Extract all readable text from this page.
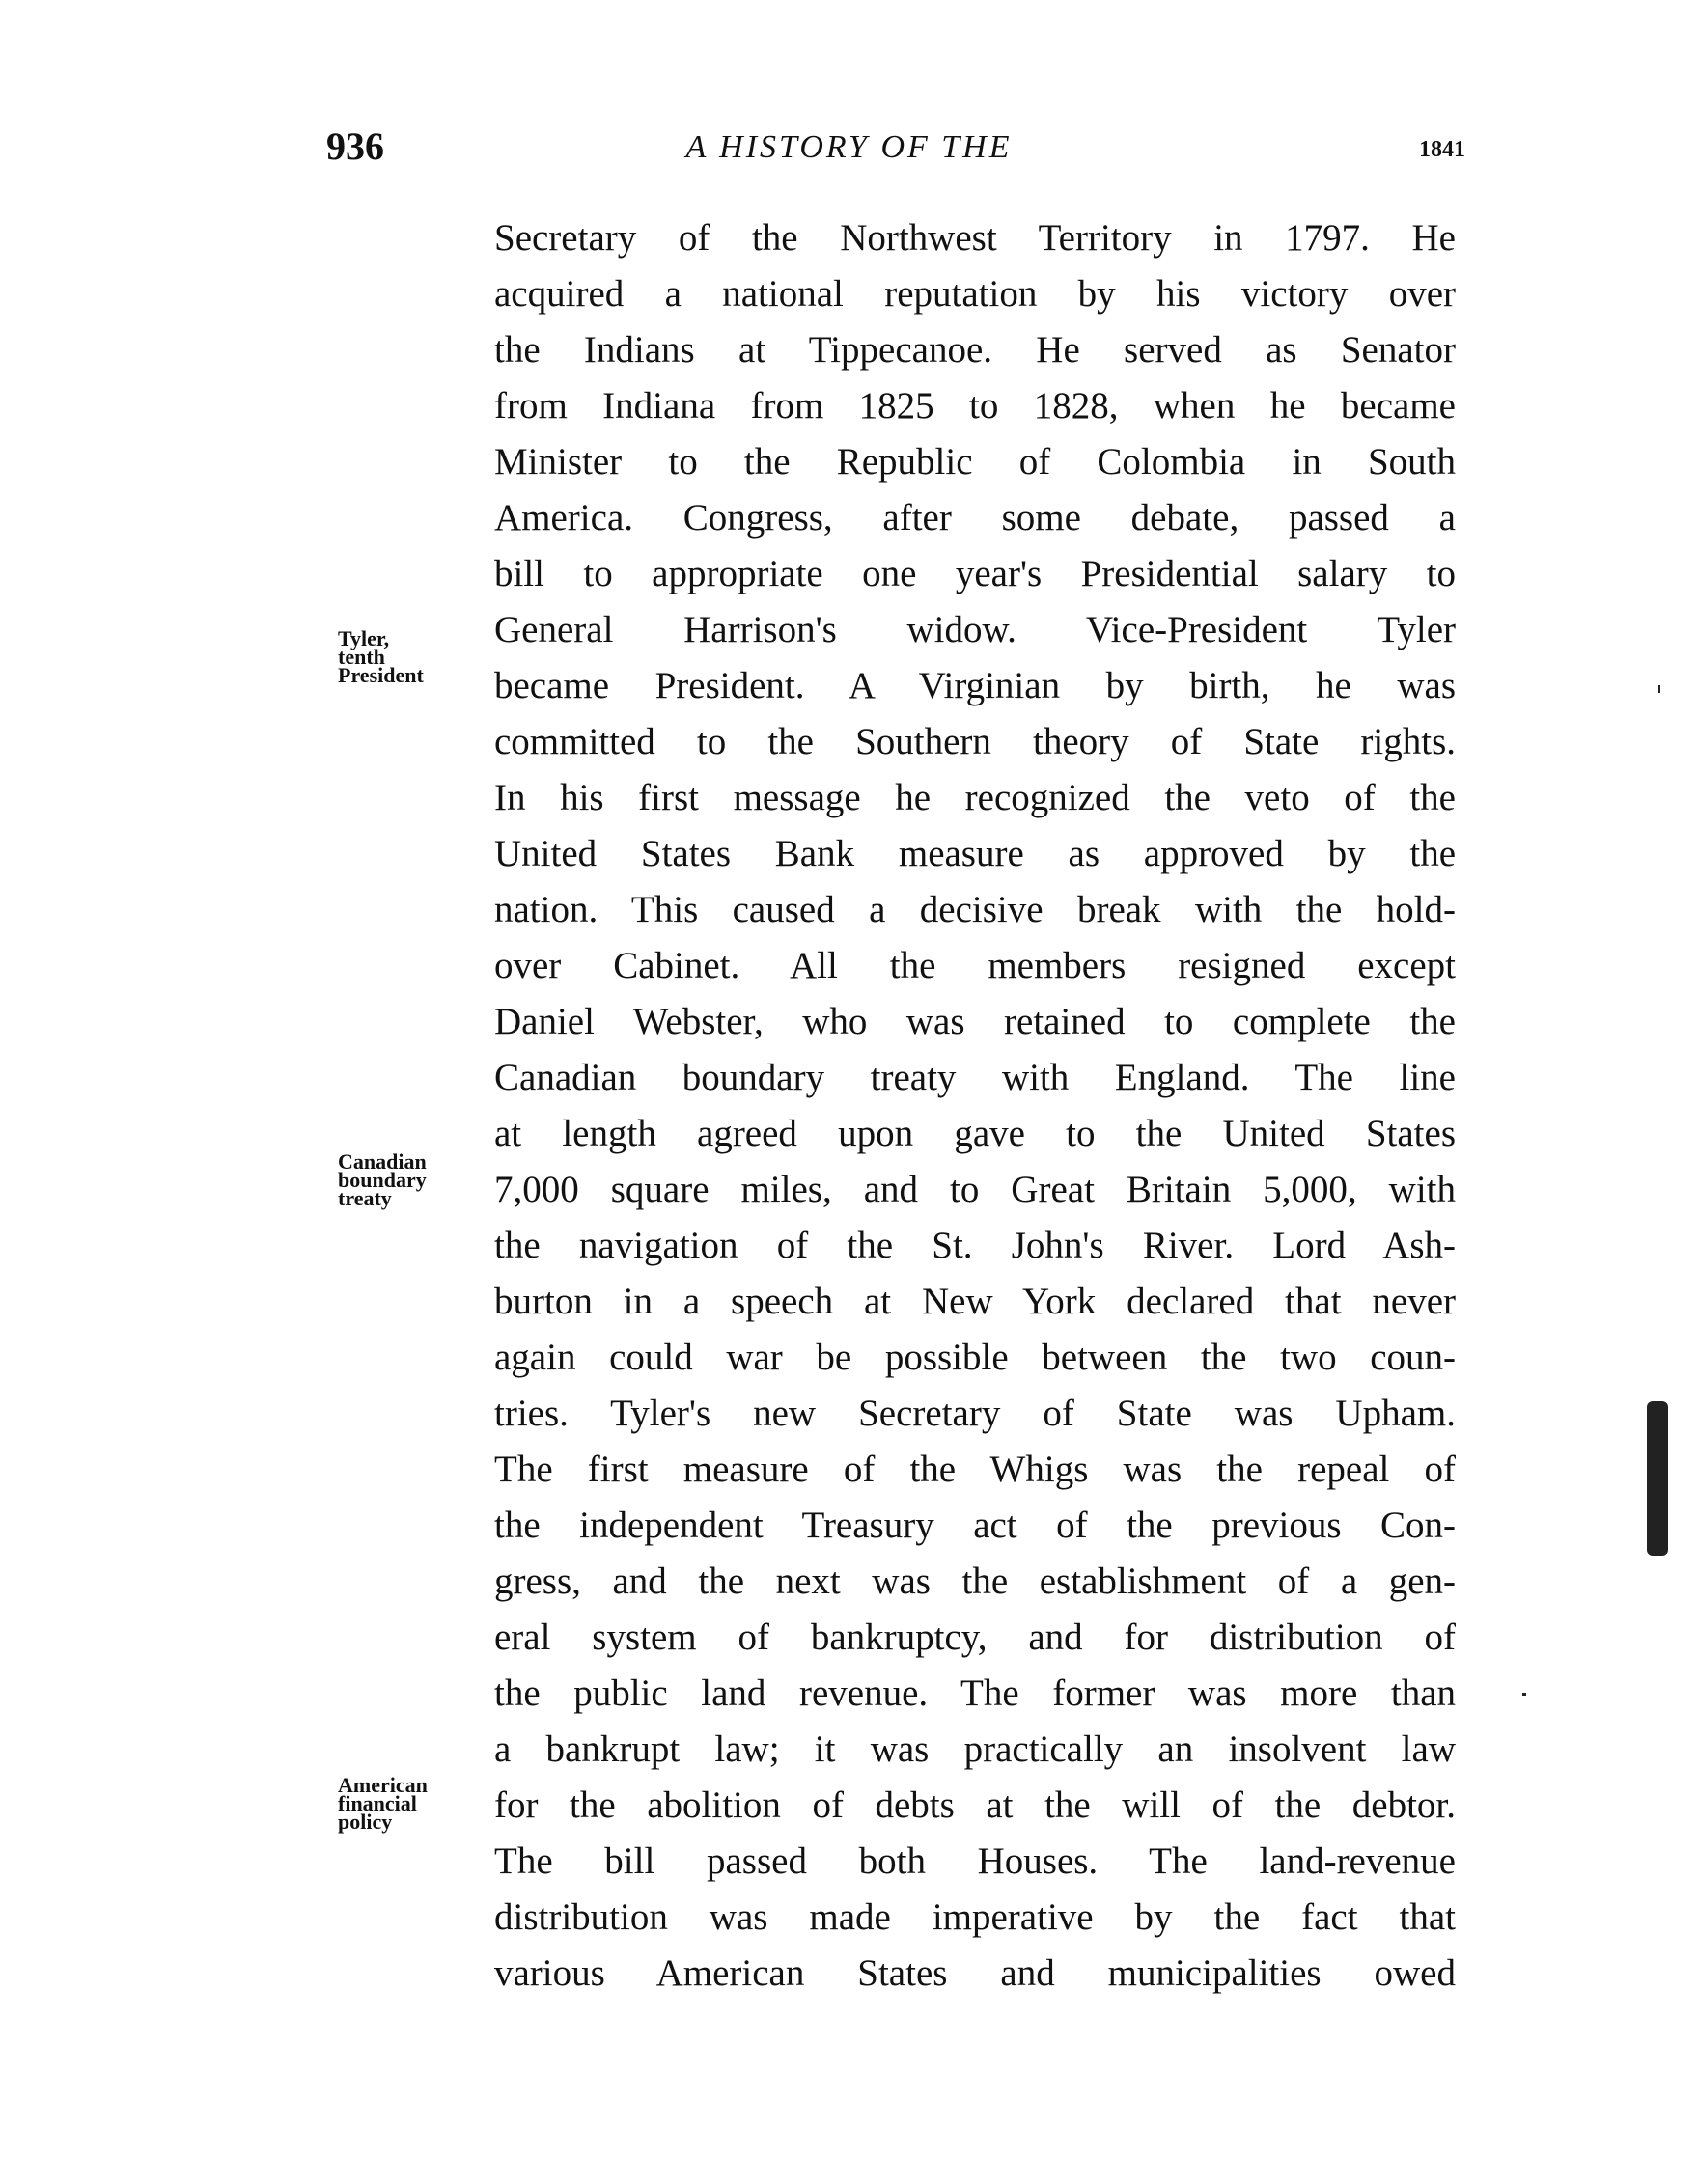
936	A HISTORY OF THE	1841
Secretary of the Northwest Territory in 1797. He
acquired a national reputation by his victory over
the Indians at Tippecanoe. He served as Senator
from Indiana from 1825 to 1828, when he became
Minister to the Republic of Colombia in South
America. Congress, after some debate, passed a
bill to appropriate one year's Presidential salary to
General Harrison's widow. Vice-President Tyler
became President. A Virginian by birth, he was
committed to the Southern theory of State rights.
In his first message he recognized the veto of the
United States Bank measure as approved by the
nation. This caused a decisive break with the hold-
over Cabinet. All the members resigned except
Daniel Webster, who was retained to complete the
Canadian boundary treaty with England. The line
at length agreed upon gave to the United States
7,000 square miles, and to Great Britain 5,000, with
the navigation of the St. John's River. Lord Ash-
burton in a speech at New York declared that never
again could war be possible between the two coun-
tries. Tyler's new Secretary of State was Upham.
The first measure of the Whigs was the repeal of
the independent Treasury act of the previous Con-
gress, and the next was the establishment of a gen-
eral system of bankruptcy, and for distribution of
the public land revenue. The former was more than
a bankrupt law; it was practically an insolvent law
for the abolition of debts at the will of the debtor.
The bill passed both Houses. The land-revenue
distribution was made imperative by the fact that
various American States and municipalities owed
Tyler,
tenth
President
Canadian
boundary
treaty
American
financial
policy
